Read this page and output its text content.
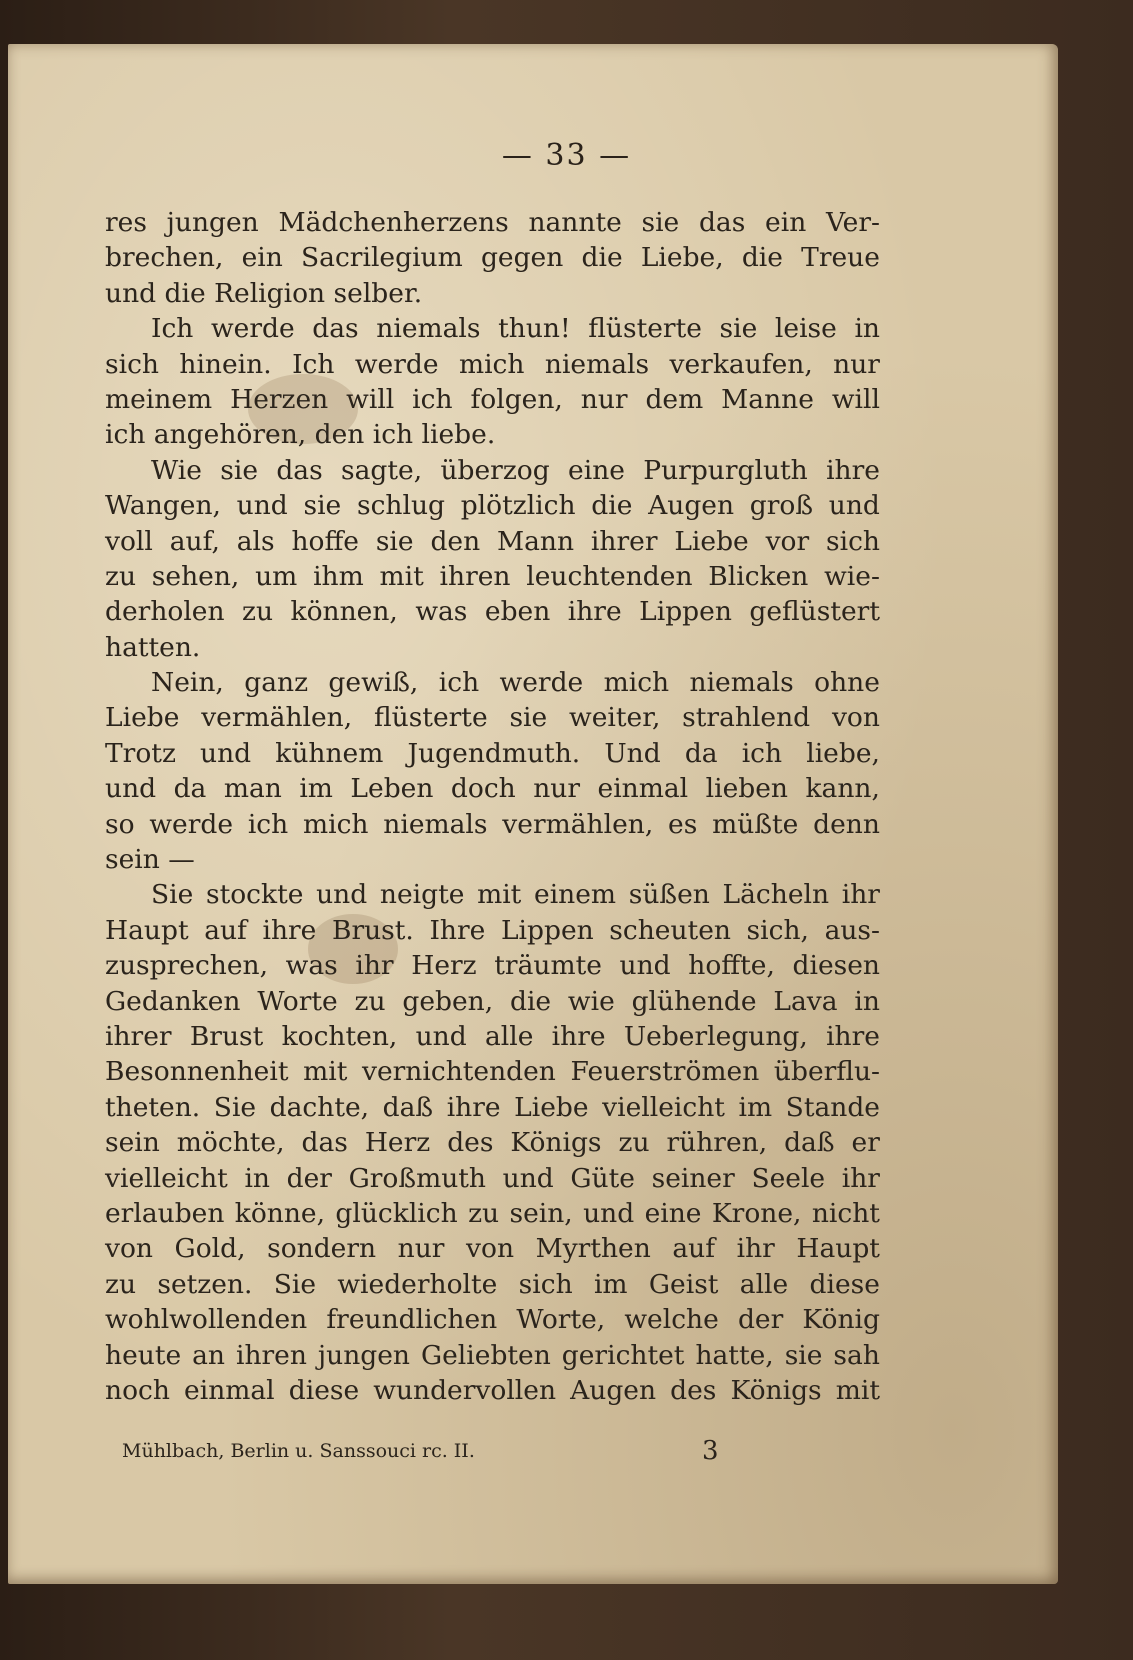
— 33 —
res jungen Mädchenherzens nannte sie das ein Ver-
brechen, ein Sacrilegium gegen die Liebe, die Treue
und die Religion selber.
Ich werde das niemals thun! flüsterte sie leise in
sich hinein. Ich werde mich niemals verkaufen, nur
meinem Herzen will ich folgen, nur dem Manne will
ich angehören, den ich liebe.
Wie sie das sagte, überzog eine Purpurgluth ihre
Wangen, und sie schlug plötzlich die Augen groß und
voll auf, als hoffe sie den Mann ihrer Liebe vor sich
zu sehen, um ihm mit ihren leuchtenden Blicken wie-
derholen zu können, was eben ihre Lippen geflüstert
hatten.
Nein, ganz gewiß, ich werde mich niemals ohne
Liebe vermählen, flüsterte sie weiter, strahlend von
Trotz und kühnem Jugendmuth. Und da ich liebe,
und da man im Leben doch nur einmal lieben kann,
so werde ich mich niemals vermählen, es müßte denn
sein —
Sie stockte und neigte mit einem süßen Lächeln ihr
Haupt auf ihre Brust. Ihre Lippen scheuten sich, aus-
zusprechen, was ihr Herz träumte und hoffte, diesen
Gedanken Worte zu geben, die wie glühende Lava in
ihrer Brust kochten, und alle ihre Ueberlegung, ihre
Besonnenheit mit vernichtenden Feuerströmen überflu-
theten. Sie dachte, daß ihre Liebe vielleicht im Stande
sein möchte, das Herz des Königs zu rühren, daß er
vielleicht in der Großmuth und Güte seiner Seele ihr
erlauben könne, glücklich zu sein, und eine Krone, nicht
von Gold, sondern nur von Myrthen auf ihr Haupt
zu setzen. Sie wiederholte sich im Geist alle diese
wohlwollenden freundlichen Worte, welche der König
heute an ihren jungen Geliebten gerichtet hatte, sie sah
noch einmal diese wundervollen Augen des Königs mit
Mühlbach, Berlin u. Sanssouci rc. II.	3
